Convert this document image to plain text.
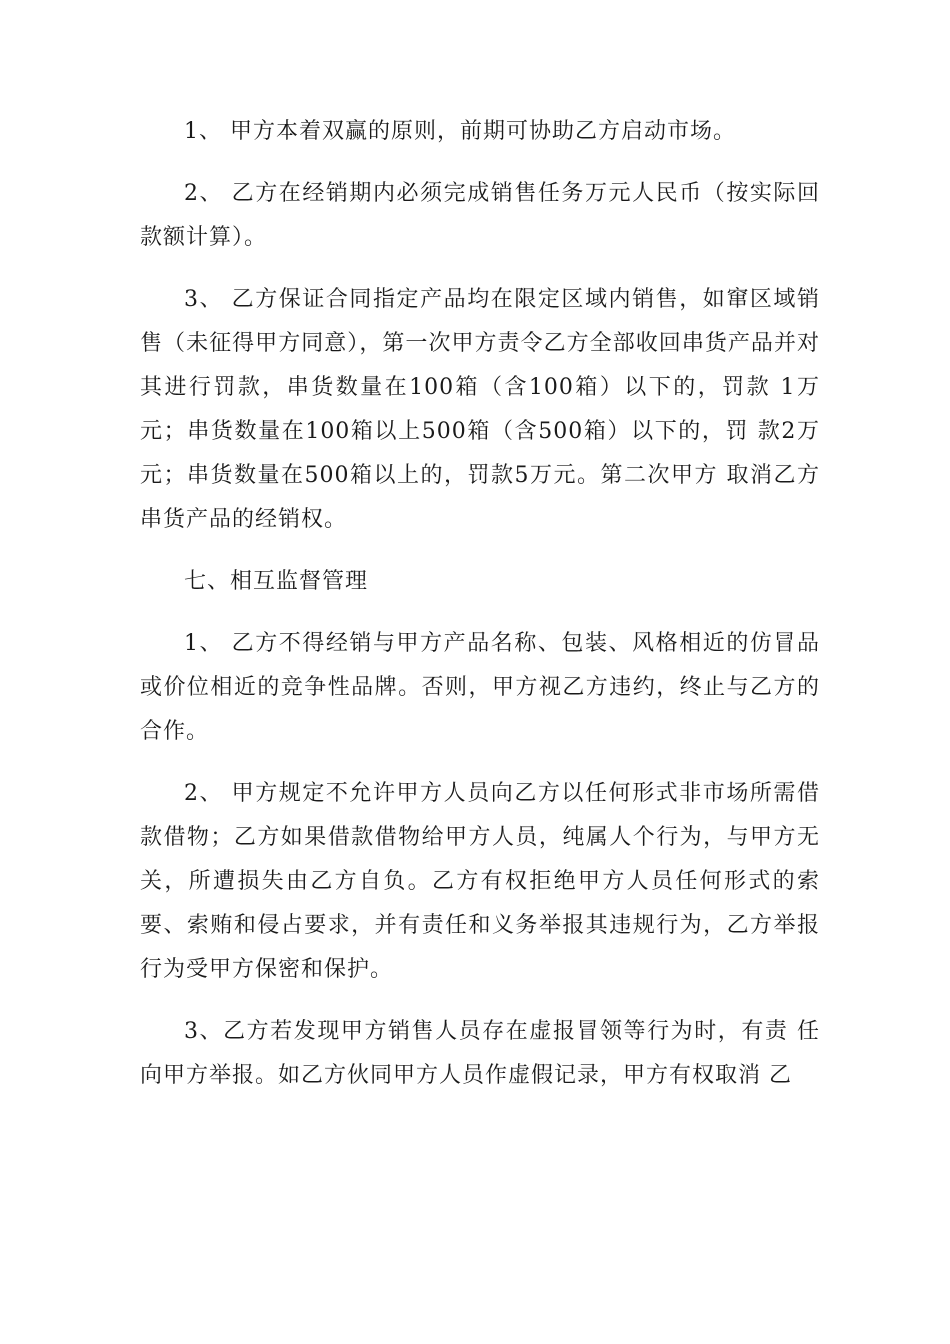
1、 甲方本着双赢的原则，前期可协助乙方启动市场。

2、 乙方在经销期内必须完成销售任务万元人民币（按实际回款额计算）。

3、 乙方保证合同指定产品均在限定区域内销售，如窜区域销售（未征得甲方同意），第一次甲方责令乙方全部收回串货产品并对其进行罚款，串货数量在100箱（含100箱）以下的，罚款 1万元；串货数量在100箱以上500箱（含500箱）以下的，罚 款2万元；串货数量在500箱以上的，罚款5万元。第二次甲方 取消乙方串货产品的经销权。

七、相互监督管理

1、 乙方不得经销与甲方产品名称、包装、风格相近的仿冒品或价位相近的竞争性品牌。否则，甲方视乙方违约，终止与乙方的合作。

2、 甲方规定不允许甲方人员向乙方以任何形式非市场所需借款借物；乙方如果借款借物给甲方人员，纯属人个行为，与甲方无关，所遭损失由乙方自负。乙方有权拒绝甲方人员任何形式的索要、索贿和侵占要求，并有责任和义务举报其违规行为，乙方举报行为受甲方保密和保护。

3、乙方若发现甲方销售人员存在虚报冒领等行为时，有责 任向甲方举报。如乙方伙同甲方人员作虚假记录，甲方有权取消 乙
